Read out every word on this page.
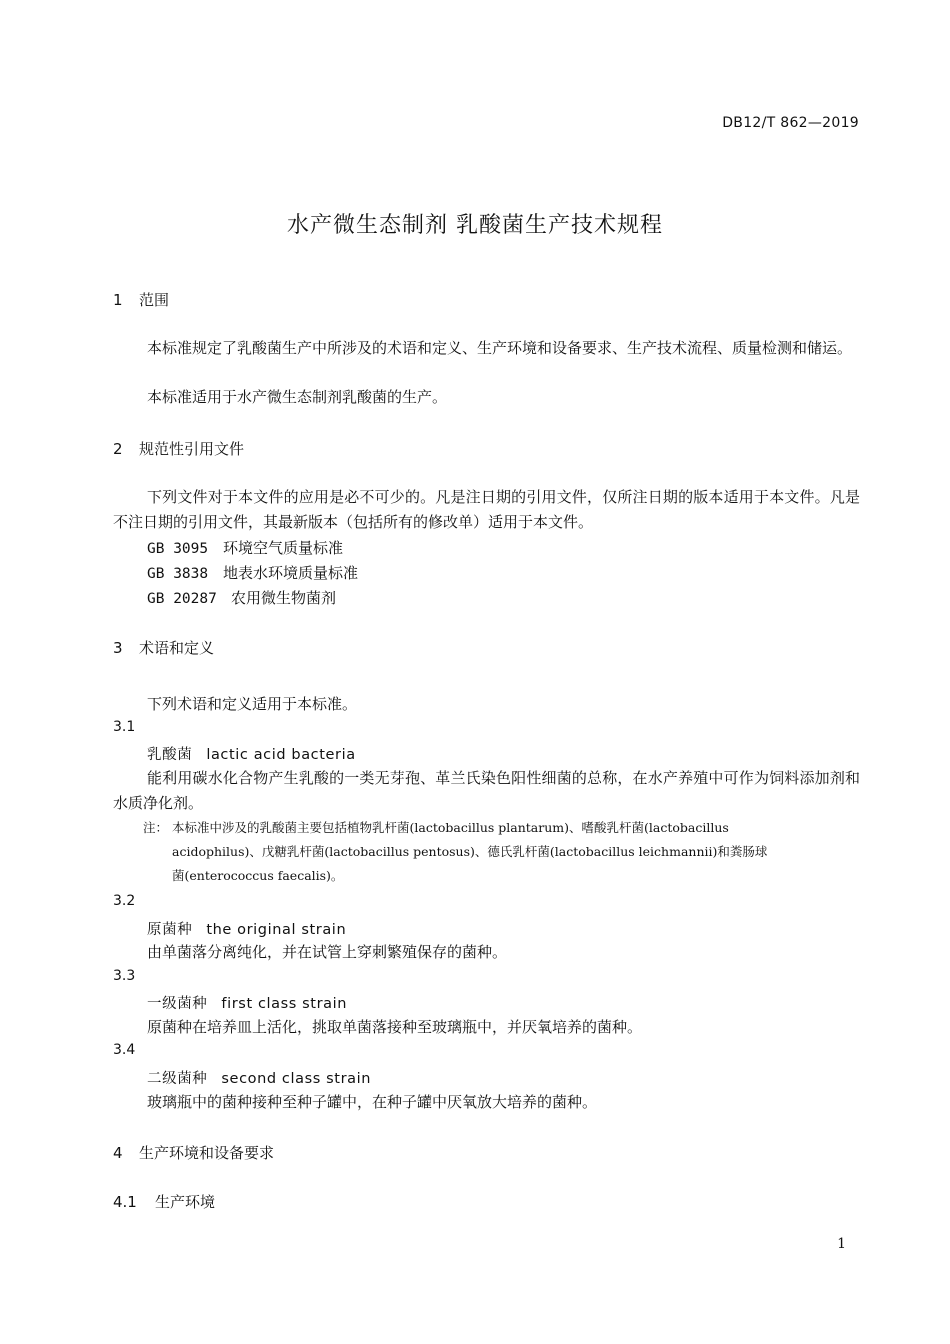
DB12/T 862—2019
水产微生态制剂 乳酸菌生产技术规程
1 范围

本标准规定了乳酸菌生产中所涉及的术语和定义、生产环境和设备要求、生产技术流程、质量检测和储运。

本标准适用于水产微生态制剂乳酸菌的生产。

2 规范性引用文件

下列文件对于本文件的应用是必不可少的。凡是注日期的引用文件，仅所注日期的版本适用于本文件。凡是不注日期的引用文件，其最新版本（包括所有的修改单）适用于本文件。

GB 3095 环境空气质量标准
GB 3838 地表水环境质量标准
GB 20287 农用微生物菌剂
3 术语和定义
下列术语和定义适用于本标准。
3.1
乳酸菌 lactic acid bacteria

能利用碳水化合物产生乳酸的一类无芽孢、革兰氏染色阳性细菌的总称，在水产养殖中可作为饲料添加剂和水质净化剂。

注： 本标准中涉及的乳酸菌主要包括植物乳杆菌(lactobacillus plantarum)、嗜酸乳杆菌(lactobacillus
acidophilus)、戊糖乳杆菌(lactobacillus pentosus)、德氏乳杆菌(lactobacillus leichmannii)和粪肠球
菌(enterococcus faecalis)。
3.2
原菌种 the original strain
由单菌落分离纯化，并在试管上穿刺繁殖保存的菌种。
3.3
一级菌种 first class strain
原菌种在培养皿上活化，挑取单菌落接种至玻璃瓶中，并厌氧培养的菌种。
3.4
二级菌种 second class strain
玻璃瓶中的菌种接种至种子罐中，在种子罐中厌氧放大培养的菌种。
4 生产环境和设备要求
4.1 生产环境
1
